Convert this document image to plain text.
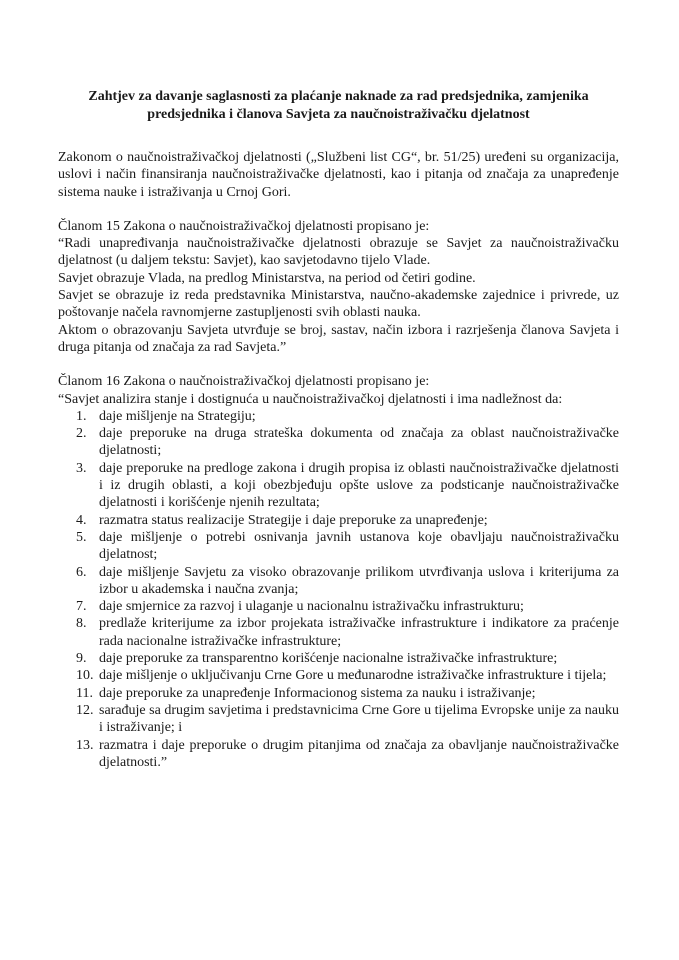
Zahtjev za davanje saglasnosti za plaćanje naknade za rad predsjednika, zamjenika predsjednika i članova Savjeta za naučnoistraživačku djelatnost

Zakonom o naučnoistraživačkoj djelatnosti („Službeni list CG“, br. 51/25) uređeni su organizacija, uslovi i način finansiranja naučnoistraživačke djelatnosti, kao i pitanja od značaja za unapređenje sistema nauke i istraživanja u Crnoj Gori.

Članom 15 Zakona o naučnoistraživačkoj djelatnosti propisano je:

“Radi unapređivanja naučnoistraživačke djelatnosti obrazuje se Savjet za naučnoistraživačku djelatnost (u daljem tekstu: Savjet), kao savjetodavno tijelo Vlade.

Savjet obrazuje Vlada, na predlog Ministarstva, na period od četiri godine.

Savjet se obrazuje iz reda predstavnika Ministarstva, naučno-akademske zajednice i privrede, uz poštovanje načela ravnomjerne zastupljenosti svih oblasti nauka.

Aktom o obrazovanju Savjeta utvrđuje se broj, sastav, način izbora i razrješenja članova Savjeta i druga pitanja od značaja za rad Savjeta.”

Članom 16 Zakona o naučnoistraživačkoj djelatnosti propisano je:

“Savjet analizira stanje i dostignuća u naučnoistraživačkoj djelatnosti i ima nadležnost da:

1. daje mišljenje na Strategiju;
2. daje preporuke na druga strateška dokumenta od značaja za oblast naučnoistraživačke djelatnosti;
3. daje preporuke na predloge zakona i drugih propisa iz oblasti naučnoistraživačke djelatnosti i iz drugih oblasti, a koji obezbjeđuju opšte uslove za podsticanje naučnoistraživačke djelatnosti i korišćenje njenih rezultata;
4. razmatra status realizacije Strategije i daje preporuke za unapređenje;
5. daje mišljenje o potrebi osnivanja javnih ustanova koje obavljaju naučnoistraživačku djelatnost;
6. daje mišljenje Savjetu za visoko obrazovanje prilikom utvrđivanja uslova i kriterijuma za izbor u akademska i naučna zvanja;
7. daje smjernice za razvoj i ulaganje u nacionalnu istraživačku infrastrukturu;
8. predlaže kriterijume za izbor projekata istraživačke infrastrukture i indikatore za praćenje rada nacionalne istraživačke infrastrukture;
9. daje preporuke za transparentno korišćenje nacionalne istraživačke infrastrukture;
10. daje mišljenje o uključivanju Crne Gore u međunarodne istraživačke infrastrukture i tijela;
11. daje preporuke za unapređenje Informacionog sistema za nauku i istraživanje;
12. sarađuje sa drugim savjetima i predstavnicima Crne Gore u tijelima Evropske unije za nauku i istraživanje; i
13. razmatra i daje preporuke o drugim pitanjima od značaja za obavljanje naučnoistraživačke djelatnosti.”
